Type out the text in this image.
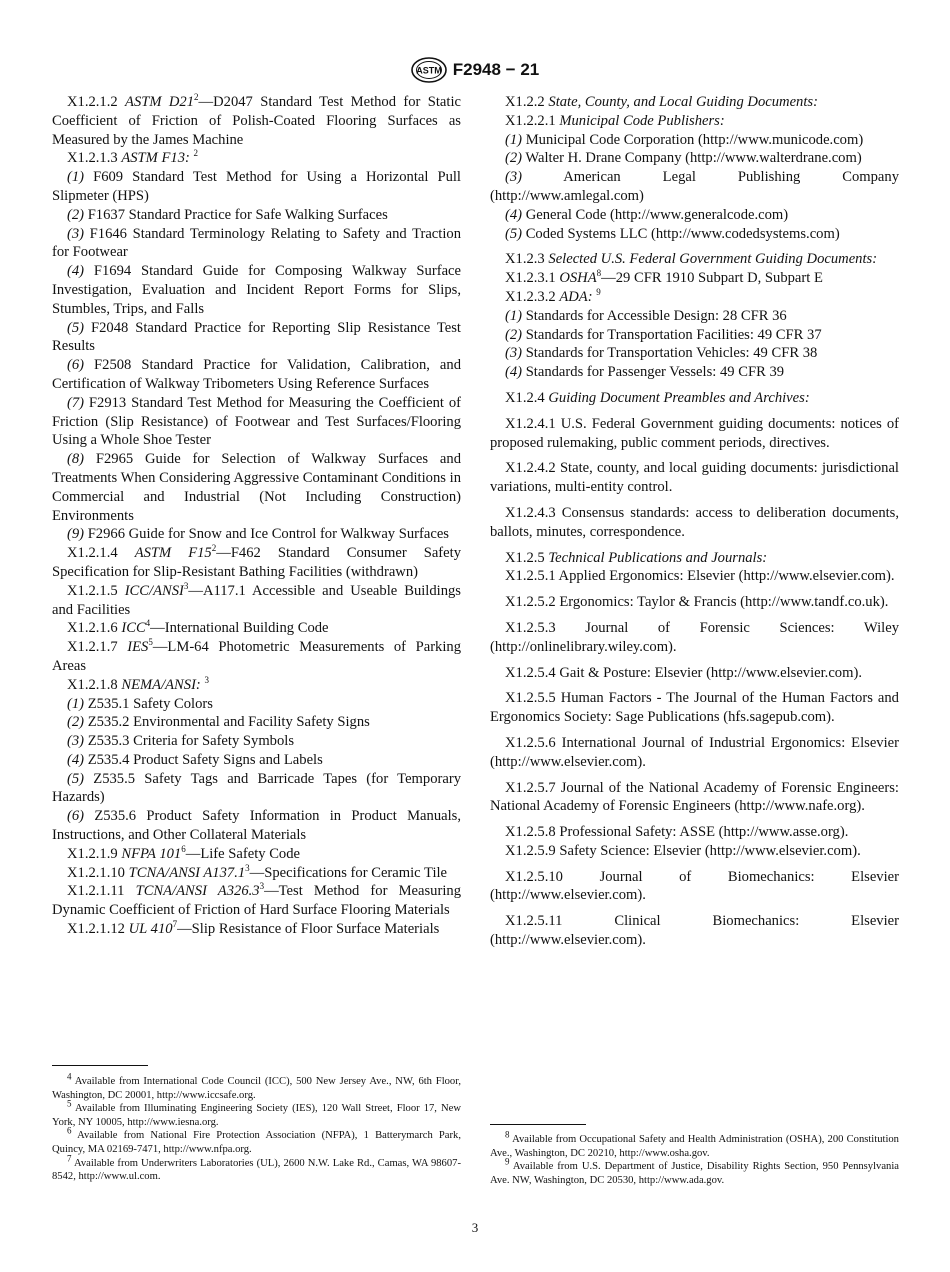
ASTM F2948 − 21

X1.2.1.2 ASTM $D21^2—D2047$ Standard Test Method for Static Coefficient of Friction of Polish-Coated Flooring Surfaces as Measured by the James Machine

X1.2.1.3 ASTM F13: $^2$

(1) F609 Standard Test Method for Using a Horizontal Pull Slipmeter (HPS)

(2) F1637 Standard Practice for Safe Walking Surfaces

(3) F1646 Standard Terminology Relating to Safety and Traction for Footwear

(4) F1694 Standard Guide for Composing Walkway Surface Investigation, Evaluation and Incident Report Forms for Slips, Stumbles, Trips, and Falls

(5) F2048 Standard Practice for Reporting Slip Resistance Test Results

(6) F2508 Standard Practice for Validation, Calibration, and Certification of Walkway Tribometers Using Reference Surfaces

(7) F2913 Standard Test Method for Measuring the Coefficient of Friction (Slip Resistance) of Footwear and Test Surfaces/Flooring Using a Whole Shoe Tester

(8) F2965 Guide for Selection of Walkway Surfaces and Treatments When Considering Aggressive Contaminant Conditions in Commercial and Industrial (Not Including Construction) Environments

(9) F2966 Guide for Snow and Ice Control for Walkway Surfaces

X1.2.1.4 ASTM $F15^2—F462$ Standard Consumer Safety Specification for Slip-Resistant Bathing Facilities (withdrawn)

X1.2.1.5 ICC/ANSI$^3$—A117.1 Accessible and Useable Buildings and Facilities

X1.2.1.6 ICC$^4$—International Building Code

X1.2.1.7 IES$^5$—LM-64 Photometric Measurements of Parking Areas

X1.2.1.8 NEMA/ANSI: $^3$

(1) Z535.1 Safety Colors

(2) Z535.2 Environmental and Facility Safety Signs

(3) Z535.3 Criteria for Safety Symbols

(4) Z535.4 Product Safety Signs and Labels

(5) Z535.5 Safety Tags and Barricade Tapes (for Temporary Hazards)

(6) Z535.6 Product Safety Information in Product Manuals, Instructions, and Other Collateral Materials

X1.2.1.9 NFPA $101^6—Life$ Safety Code

X1.2.1.10 TCNA/ANSI A137.1$^3$—Specifications for Ceramic Tile

X1.2.1.11 TCNA/ANSI A326.3$^3$—Test Method for Measuring Dynamic Coefficient of Friction of Hard Surface Flooring Materials

X1.2.1.12 UL $410^7—Slip$ Resistance of Floor Surface Materials

X1.2.2 State, County, and Local Guiding Documents:

X1.2.2.1 Municipal Code Publishers:

(1) Municipal Code Corporation (http://www.municode.com)

(2) Walter H. Drane Company (http://www.walterdrane.com)

(3)	American Legal Publishing Company (http://www.amlegal.com)

(4) General Code (http://www.generalcode.com)

(5) Coded Systems LLC (http://www.codedsystems.com)

X1.2.3 Selected U.S. Federal Government Guiding Documents:

X1.2.3.1 OSHA$^8$—29 CFR 1910 Subpart D, Subpart E

X1.2.3.2 ADA: $^9$

(1) Standards for Accessible Design: 28 CFR 36

(2) Standards for Transportation Facilities: 49 CFR 37

(3) Standards for Transportation Vehicles: 49 CFR 38

(4) Standards for Passenger Vessels: 49 CFR 39

X1.2.4 Guiding Document Preambles and Archives:

X1.2.4.1 U.S. Federal Government guiding documents: notices of proposed rulemaking, public comment periods, directives.

X1.2.4.2 State, county, and local guiding documents: jurisdictional variations, multi-entity control.

X1.2.4.3 Consensus standards: access to deliberation documents, ballots, minutes, correspondence.

X1.2.5 Technical Publications and Journals:

X1.2.5.1 Applied Ergonomics: Elsevier (http://www.elsevier.com).

X1.2.5.2 Ergonomics: Taylor & Francis (http://www.tandf.co.uk).

X1.2.5.3 Journal of Forensic Sciences: Wiley (http://onlinelibrary.wiley.com).

X1.2.5.4 Gait & Posture: Elsevier (http://www.elsevier.com).

X1.2.5.5 Human Factors - The Journal of the Human Factors and Ergonomics Society: Sage Publications (hfs.sagepub.com).

X1.2.5.6 International Journal of Industrial Ergonomics: Elsevier (http://www.elsevier.com).

X1.2.5.7 Journal of the National Academy of Forensic Engineers: National Academy of Forensic Engineers (http://www.nafe.org).

X1.2.5.8 Professional Safety: ASSE (http://www.asse.org).

X1.2.5.9 Safety Science: Elsevier (http://www.elsevier.com).

X1.2.5.10	Journal of Biomechanics: Elsevier (http://www.elsevier.com).

X1.2.5.11	Clinical Biomechanics: Elsevier (http://www.elsevier.com).

$^4$ Available from International Code Council (ICC), 500 New Jersey Ave., NW, 6th Floor, Washington, DC 20001, http://www.iccsafe.org.

$^5$ Available from Illuminating Engineering Society (IES), 120 Wall Street, Floor 17, New York, NY 10005, http://www.iesna.org.

$^6$ Available from National Fire Protection Association (NFPA), 1 Batterymarch Park, Quincy, MA 02169-7471, http://www.nfpa.org.

$^7$ Available from Underwriters Laboratories (UL), 2600 N.W. Lake Rd., Camas, WA 98607-8542, http://www.ul.com.

$^8$ Available from Occupational Safety and Health Administration (OSHA), 200 Constitution Ave., Washington, DC 20210, http://www.osha.gov.

$^9$ Available from U.S. Department of Justice, Disability Rights Section, 950 Pennsylvania Ave. NW, Washington, DC 20530, http://www.ada.gov.

3
